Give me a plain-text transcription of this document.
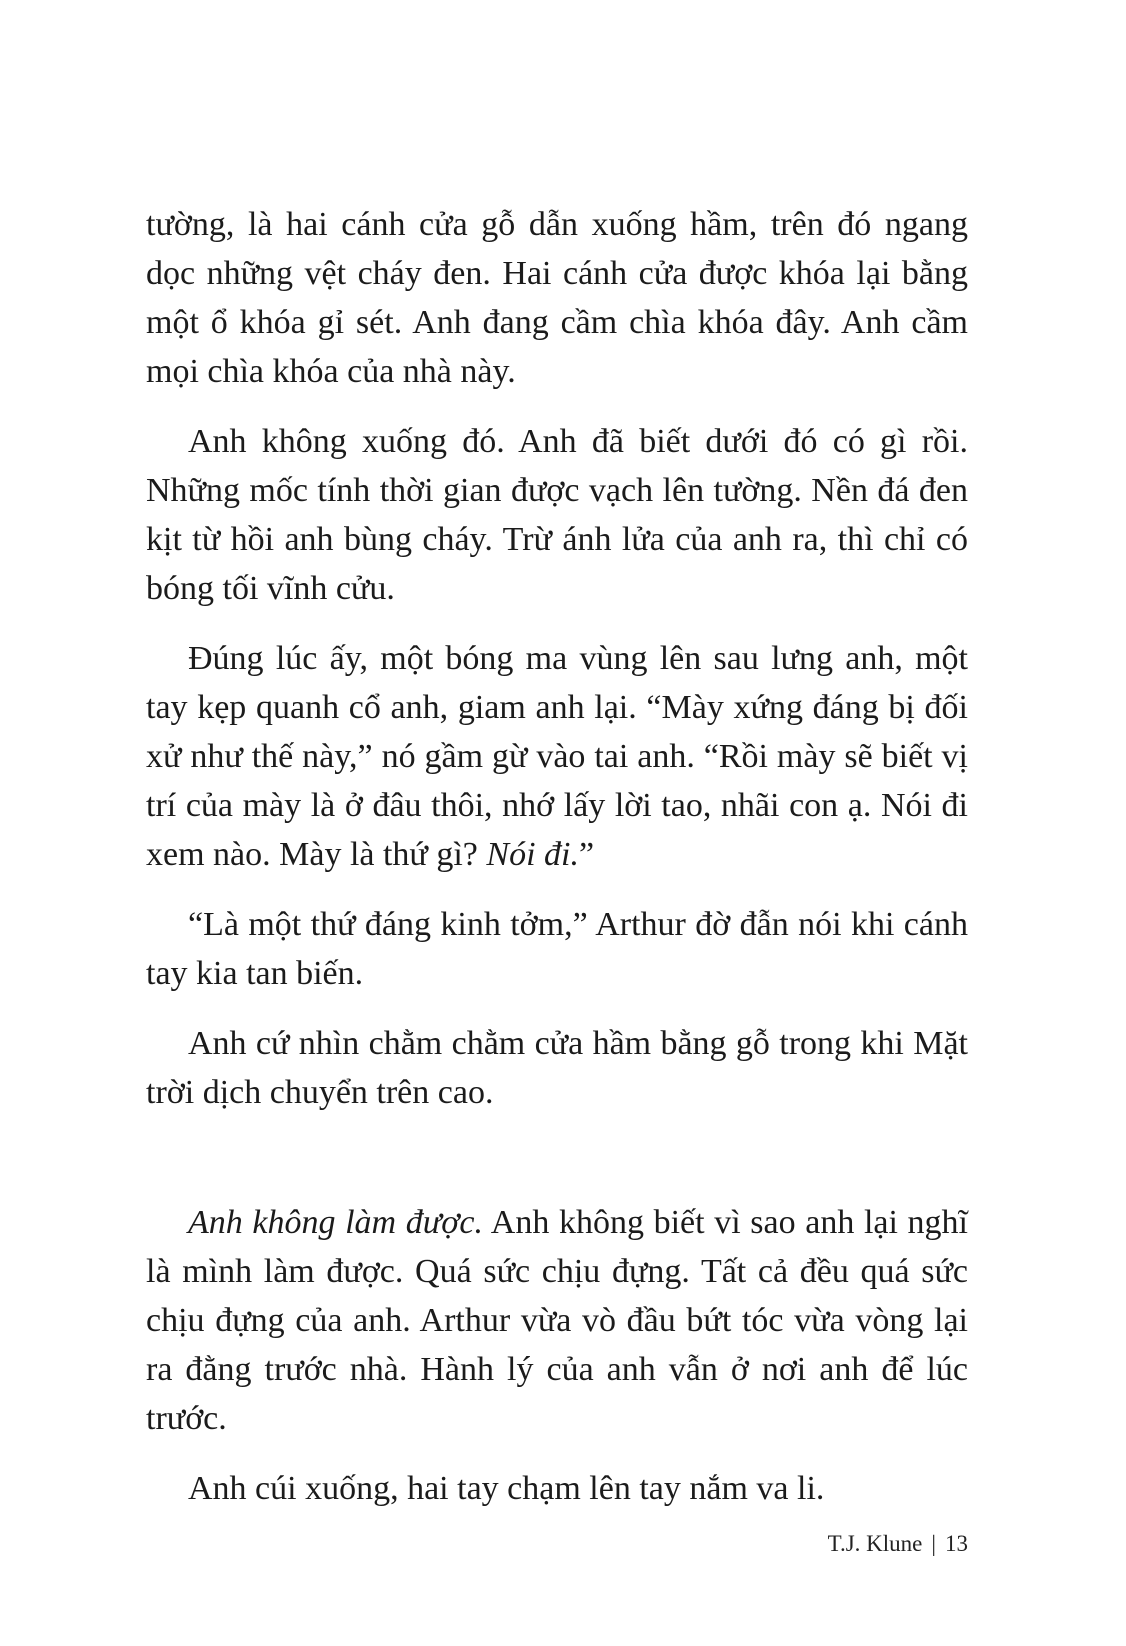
tường, là hai cánh cửa gỗ dẫn xuống hầm, trên đó ngang dọc những vệt cháy đen. Hai cánh cửa được khóa lại bằng một ổ khóa gỉ sét. Anh đang cầm chìa khóa đây. Anh cầm mọi chìa khóa của nhà này.

Anh không xuống đó. Anh đã biết dưới đó có gì rồi. Những mốc tính thời gian được vạch lên tường. Nền đá đen kịt từ hồi anh bùng cháy. Trừ ánh lửa của anh ra, thì chỉ có bóng tối vĩnh cửu.

Đúng lúc ấy, một bóng ma vùng lên sau lưng anh, một tay kẹp quanh cổ anh, giam anh lại. “Mày xứng đáng bị đối xử như thế này,” nó gầm gừ vào tai anh. “Rồi mày sẽ biết vị trí của mày là ở đâu thôi, nhớ lấy lời tao, nhãi con ạ. Nói đi xem nào. Mày là thứ gì? Nói đi.”

“Là một thứ đáng kinh tởm,” Arthur đờ đẫn nói khi cánh tay kia tan biến.

Anh cứ nhìn chằm chằm cửa hầm bằng gỗ trong khi Mặt trời dịch chuyển trên cao.

Anh không làm được. Anh không biết vì sao anh lại nghĩ là mình làm được. Quá sức chịu đựng. Tất cả đều quá sức chịu đựng của anh. Arthur vừa vò đầu bứt tóc vừa vòng lại ra đằng trước nhà. Hành lý của anh vẫn ở nơi anh để lúc trước.

Anh cúi xuống, hai tay chạm lên tay nắm va li.

T.J. Klune | 13
